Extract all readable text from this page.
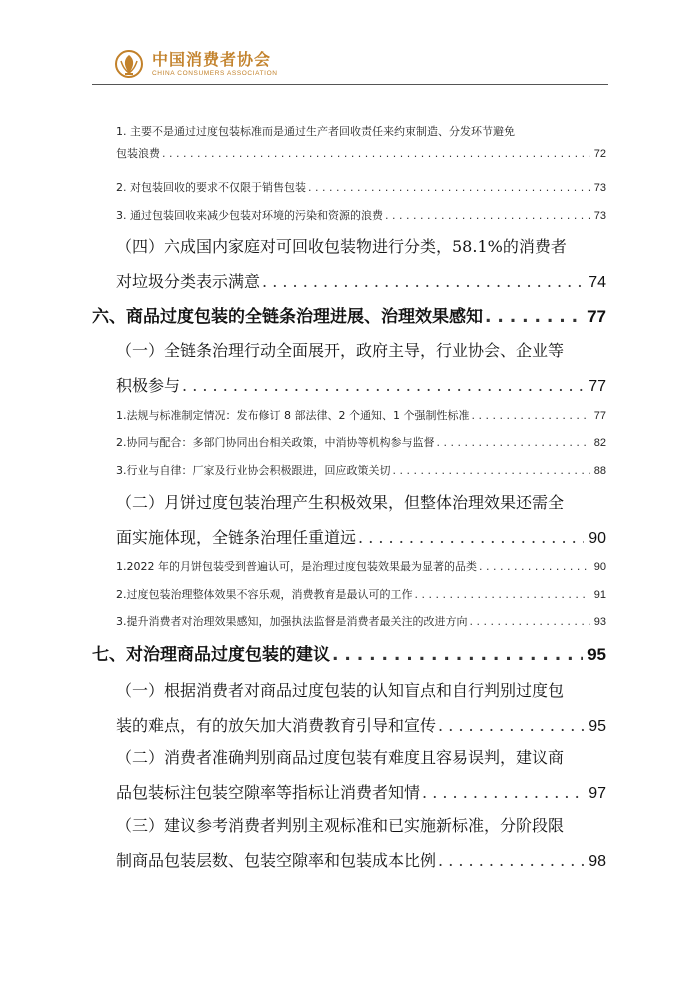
中国消费者协会
CHINA CONSUMERS ASSOCIATION
1. 主要不是通过过度包装标准而是通过生产者回收责任来约束制造、分发环节避免
包装浪费 . . .	72
2. 对包装回收的要求不仅限于销售包装 . . .	73
3. 通过包装回收来减少包装对环境的污染和资源的浪费 . . .	73
（四）六成国内家庭对可回收包装物进行分类，58.1%的消费者
对垃圾分类表示满意 . . .	74
六、商品过度包装的全链条治理进展、治理效果感知 . . .	77
（一）全链条治理行动全面展开，政府主导，行业协会、企业等
积极参与 . . .	77
1.法规与标准制定情况：发布修订 8 部法律、2 个通知、1 个强制性标准 . . .	77
2.协同与配合：多部门协同出台相关政策，中消协等机构参与监督 . . .	82
3.行业与自律：厂家及行业协会积极跟进，回应政策关切 . . .	88
（二）月饼过度包装治理产生积极效果，但整体治理效果还需全
面实施体现，全链条治理任重道远 . . .	90
1.2022 年的月饼包装受到普遍认可，是治理过度包装效果最为显著的品类 . . .	90
2.过度包装治理整体效果不容乐观，消费教育是最认可的工作 . . .	91
3.提升消费者对治理效果感知，加强执法监督是消费者最关注的改进方向 . . .	93
七、对治理商品过度包装的建议 . . .	95
（一）根据消费者对商品过度包装的认知盲点和自行判别过度包
装的难点，有的放矢加大消费教育引导和宣传 . . .	95
（二）消费者准确判别商品过度包装有难度且容易误判，建议商
品包装标注包装空隙率等指标让消费者知情 . . .	97
（三）建议参考消费者判别主观标准和已实施新标准，分阶段限
制商品包装层数、包装空隙率和包装成本比例 . . .	98
